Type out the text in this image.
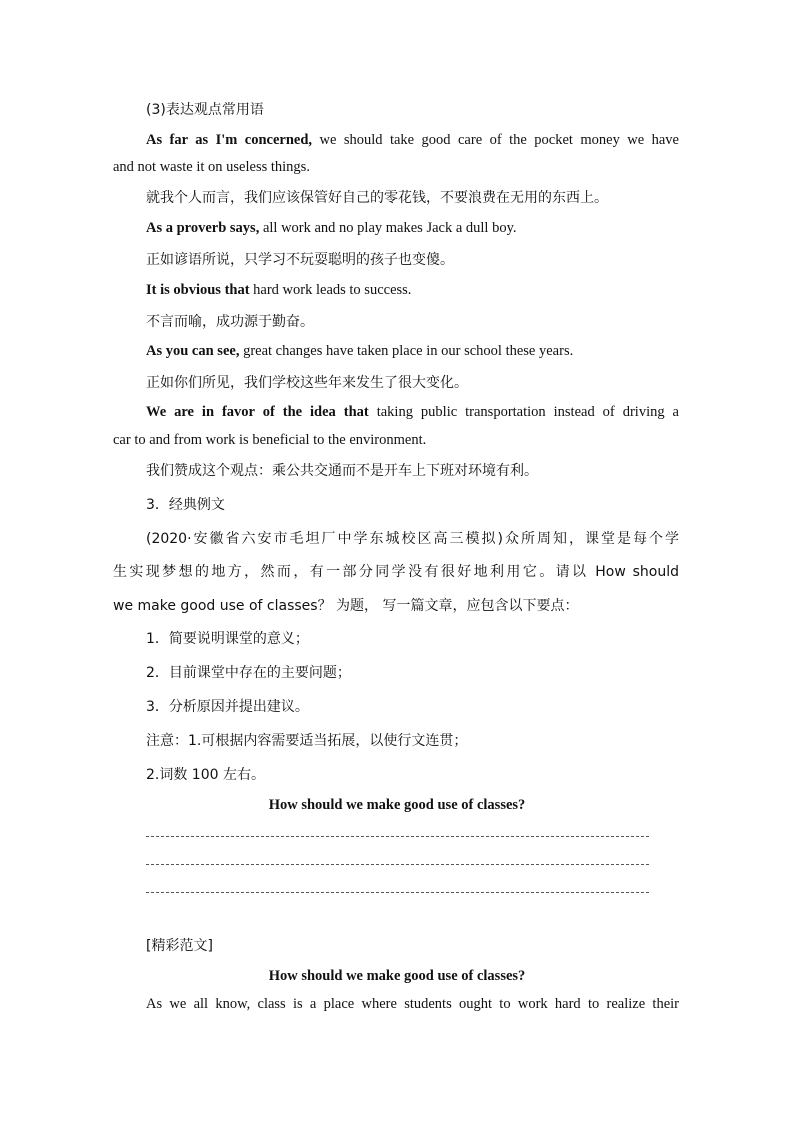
(3)表达观点常用语
As far as I'm concerned, we should take good care of the pocket money we have
and not waste it on useless things.
就我个人而言，我们应该保管好自己的零花钱，不要浪费在无用的东西上。
As a proverb says, all work and no play makes Jack a dull boy.
正如谚语所说，只学习不玩耍聪明的孩子也变傻。
It is obvious that hard work leads to success.
不言而喻，成功源于勤奋。
As you can see, great changes have taken place in our school these years.
正如你们所见，我们学校这些年来发生了很大变化。
We are in favor of the idea that taking public transportation instead of driving a
car to and from work is beneficial to the environment.
我们赞成这个观点：乘公共交通而不是开车上下班对环境有利。
3．经典例文
(2020·安徽省六安市毛坦厂中学东城校区高三模拟)众所周知，课堂是每个学
生实现梦想的地方，然而，有一部分同学没有很好地利用它。请以 How should
we make good use of classes？ 为题， 写一篇文章，应包含以下要点：
1．简要说明课堂的意义；
2．目前课堂中存在的主要问题；
3．分析原因并提出建议。
注意：1.可根据内容需要适当拓展，以使行文连贯；
2.词数 100 左右。
How should we make good use of classes?
[精彩范文]
How should we make good use of classes?
As we all know, class is a place where students ought to work hard to realize their
